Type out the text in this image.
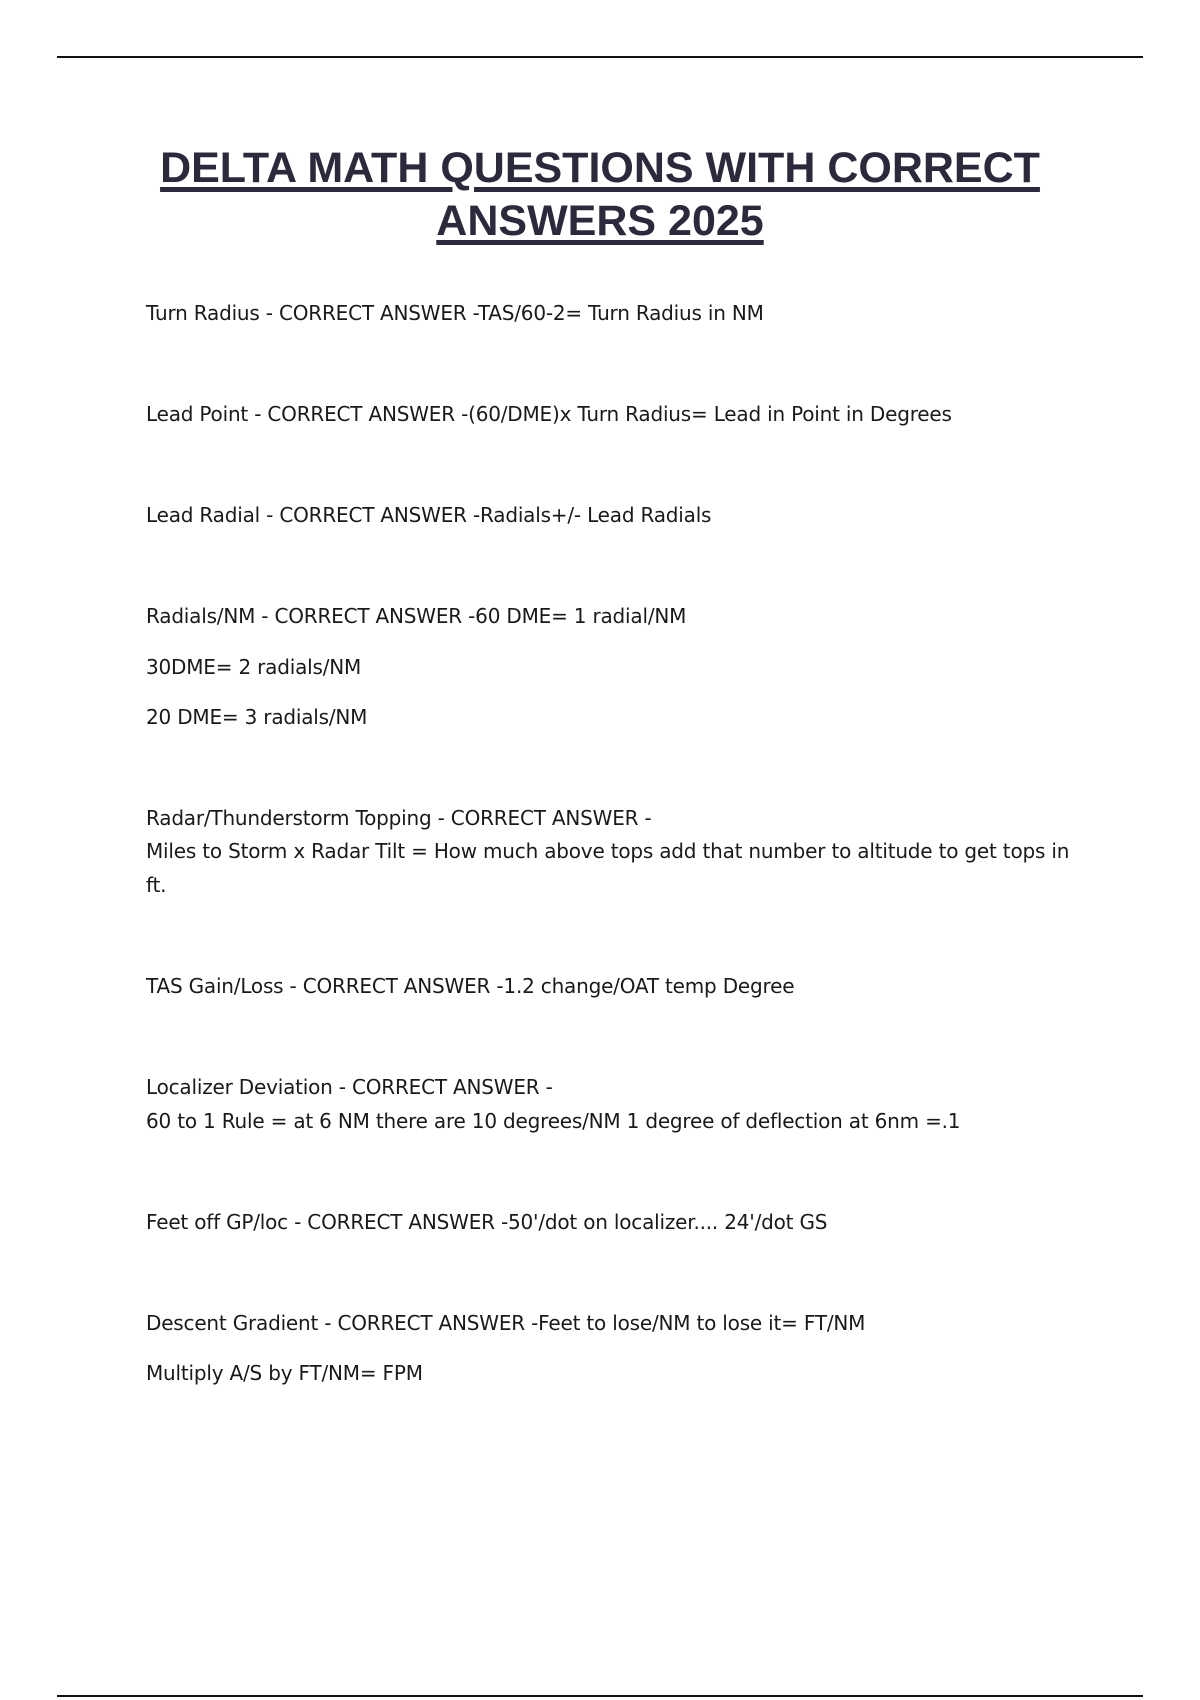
DELTA MATH QUESTIONS WITH CORRECT
ANSWERS 2025

Turn Radius - CORRECT ANSWER -TAS/60-2= Turn Radius in NM

Lead Point - CORRECT ANSWER -(60/DME)x Turn Radius= Lead in Point in Degrees

Lead Radial - CORRECT ANSWER -Radials+/- Lead Radials

Radials/NM - CORRECT ANSWER -60 DME= 1 radial/NM

30DME= 2 radials/NM

20 DME= 3 radials/NM

Radar/Thunderstorm Topping - CORRECT ANSWER -

Miles to Storm x Radar Tilt = How much above tops add that number to altitude to get tops in ft.

TAS Gain/Loss - CORRECT ANSWER -1.2 change/OAT temp Degree

Localizer Deviation - CORRECT ANSWER -

60 to 1 Rule = at 6 NM there are 10 degrees/NM 1 degree of deflection at 6nm =.1

Feet off GP/loc - CORRECT ANSWER -50'/dot on localizer.... 24'/dot GS

Descent Gradient - CORRECT ANSWER -Feet to lose/NM to lose it= FT/NM

Multiply A/S by FT/NM= FPM
